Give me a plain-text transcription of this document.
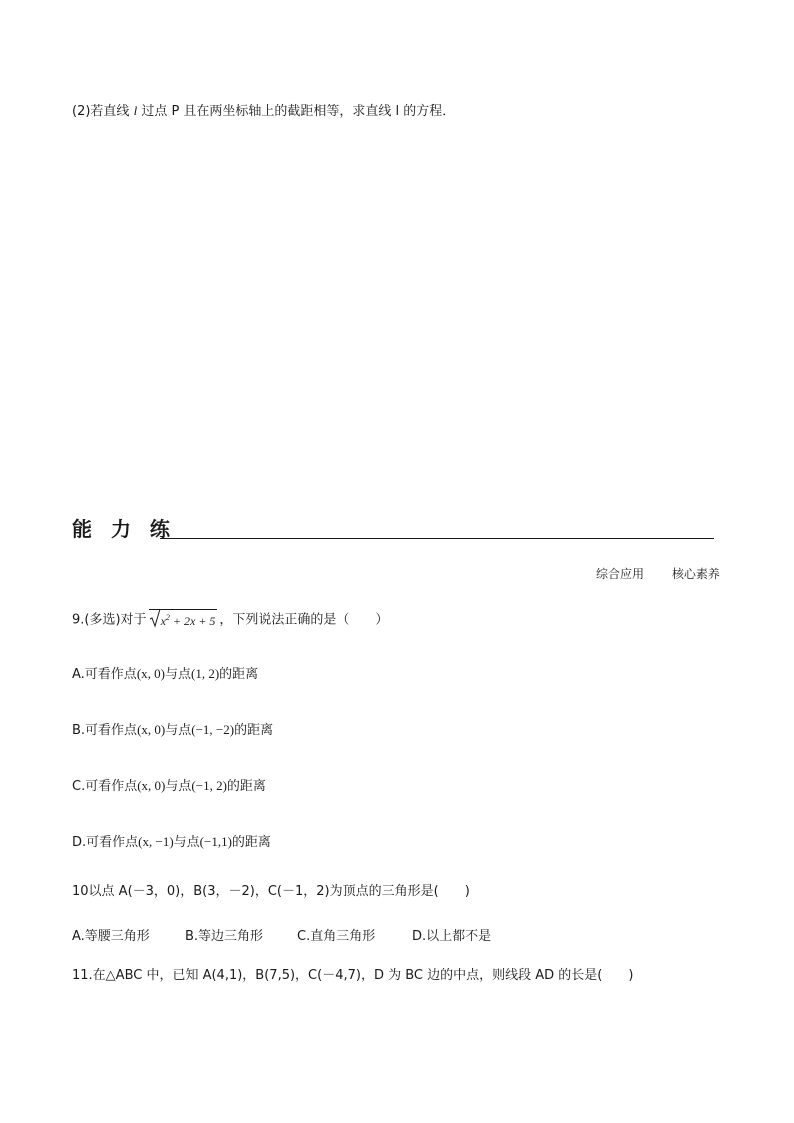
(2)若直线 l 过点 P 且在两坐标轴上的截距相等，求直线 l 的方程．
能 力 练
综合应用 核心素养
9.(多选)对于 $x^2 + 2x + 5$ ，下列说法正确的是（　　）
A.可看作点(x, 0)与点(1, 2)的距离
B.可看作点(x, 0)与点(−1, −2)的距离
C.可看作点(x, 0)与点(−1, 2)的距离
D.可看作点(x, −1)与点(−1,1)的距离
10以点 A(－3，0)，B(3，－2)，C(－1，2)为顶点的三角形是(　　)
A.等腰三角形	B.等边三角形	C.直角三角形	D.以上都不是
11.在△ABC 中，已知 A(4,1)，B(7,5)，C(－4,7)，D 为 BC 边的中点，则线段 AD 的长是(　　)
